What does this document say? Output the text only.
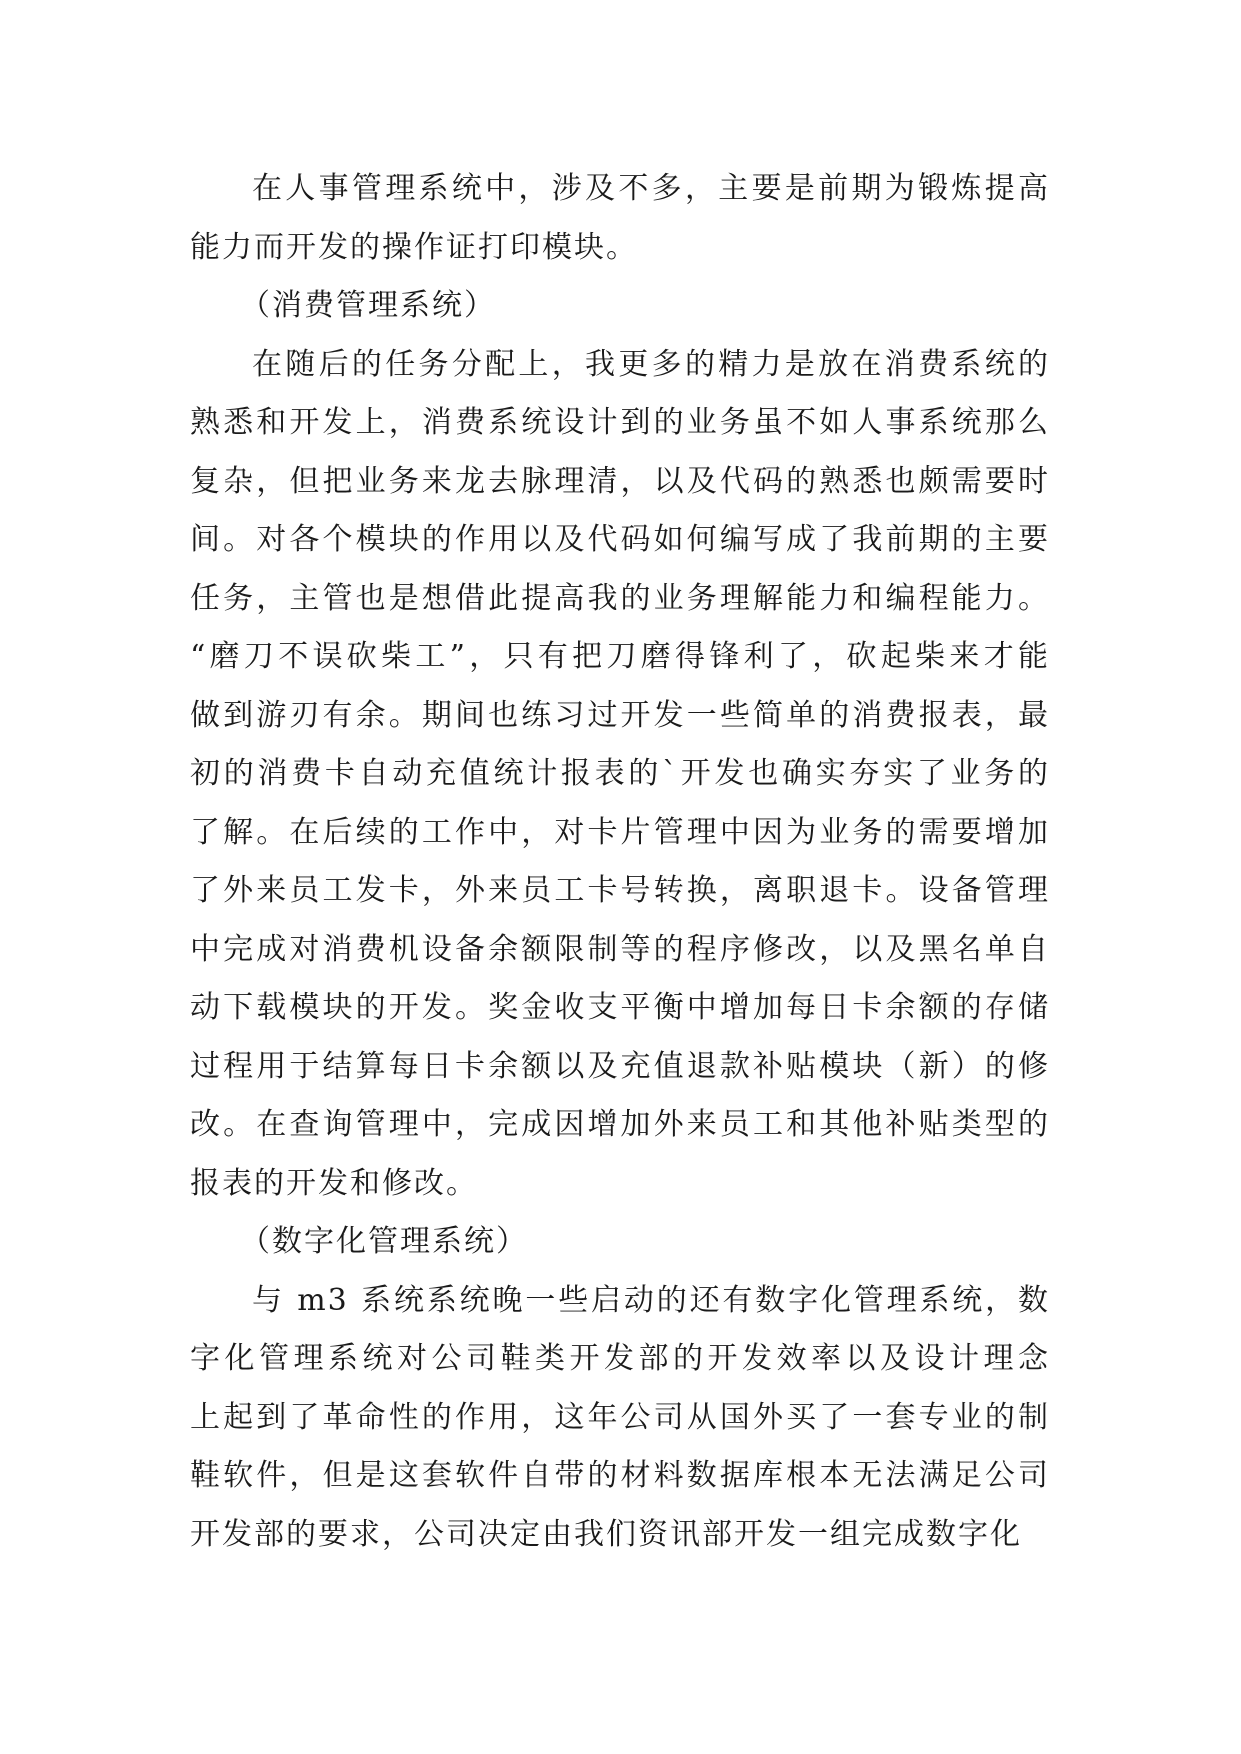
在人事管理系统中，涉及不多，主要是前期为锻炼提高
能力而开发的操作证打印模块。
（消费管理系统）
在随后的任务分配上，我更多的精力是放在消费系统的
熟悉和开发上，消费系统设计到的业务虽不如人事系统那么
复杂，但把业务来龙去脉理清，以及代码的熟悉也颇需要时
间。对各个模块的作用以及代码如何编写成了我前期的主要
任务，主管也是想借此提高我的业务理解能力和编程能力。
“磨刀不误砍柴工”，只有把刀磨得锋利了，砍起柴来才能
做到游刃有余。期间也练习过开发一些简单的消费报表，最
初的消费卡自动充值统计报表的`开发也确实夯实了业务的
了解。在后续的工作中，对卡片管理中因为业务的需要增加
了外来员工发卡，外来员工卡号转换，离职退卡。设备管理
中完成对消费机设备余额限制等的程序修改，以及黑名单自
动下载模块的开发。奖金收支平衡中增加每日卡余额的存储
过程用于结算每日卡余额以及充值退款补贴模块（新）的修
改。在查询管理中，完成因增加外来员工和其他补贴类型的
报表的开发和修改。
（数字化管理系统）
与 m3 系统系统晚一些启动的还有数字化管理系统，数
字化管理系统对公司鞋类开发部的开发效率以及设计理念
上起到了革命性的作用，这年公司从国外买了一套专业的制
鞋软件，但是这套软件自带的材料数据库根本无法满足公司
开发部的要求，公司决定由我们资讯部开发一组完成数字化
